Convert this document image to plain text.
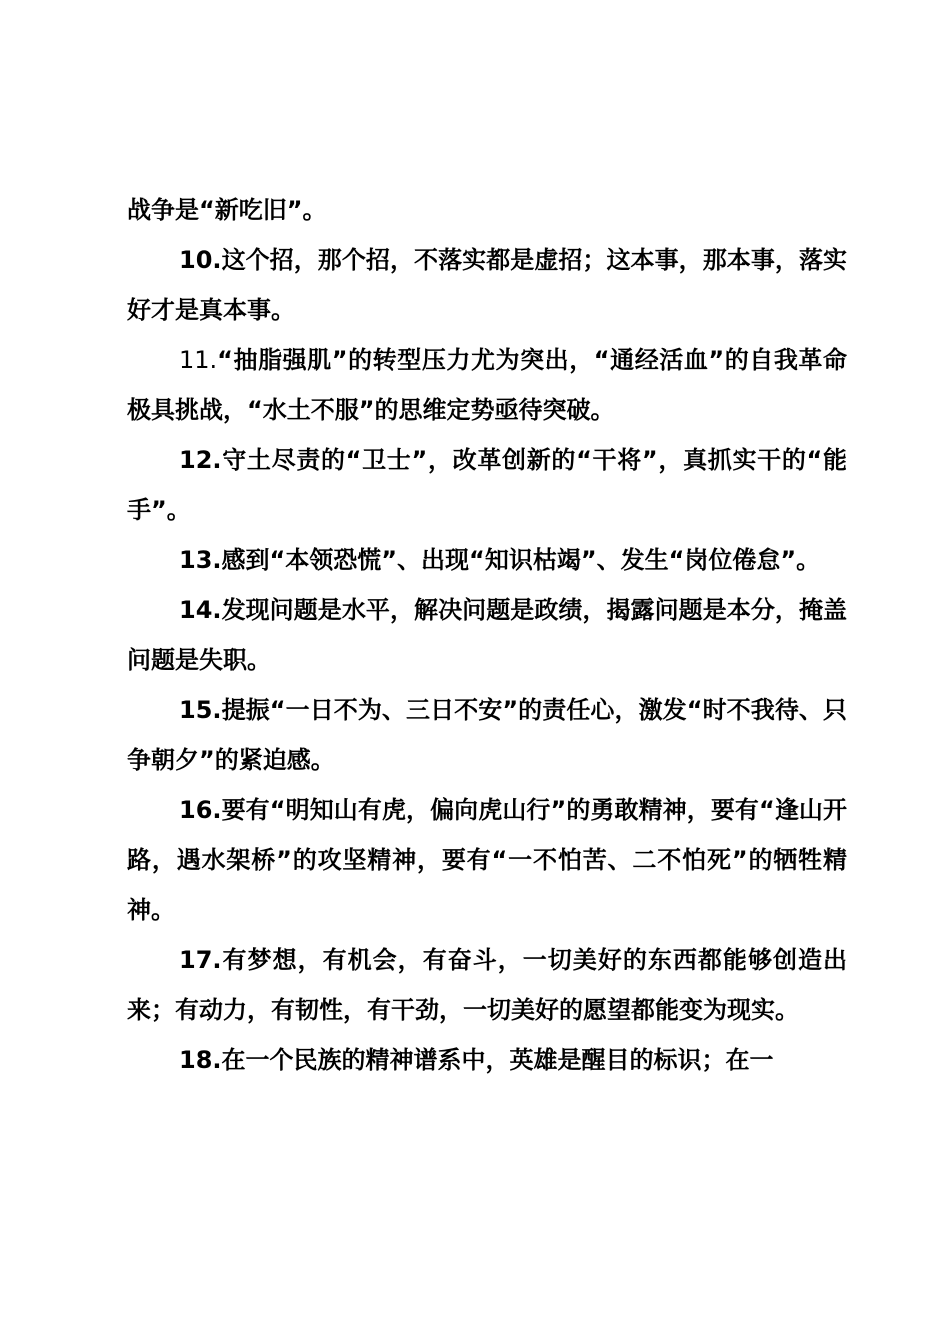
战争是“新吃旧”。

10.这个招，那个招，不落实都是虚招；这本事，那本事，落实好才是真本事。

11.“抽脂强肌”的转型压力尤为突出，“通经活血”的自我革命极具挑战，“水土不服”的思维定势亟待突破。

12.守土尽责的“卫士”，改革创新的“干将”，真抓实干的“能手”。

13.感到“本领恐慌”、出现“知识枯竭”、发生“岗位倦怠”。

14.发现问题是水平，解决问题是政绩，揭露问题是本分，掩盖问题是失职。

15.提振“一日不为、三日不安”的责任心，激发“时不我待、只争朝夕”的紧迫感。

16.要有“明知山有虎，偏向虎山行”的勇敢精神，要有“逢山开路，遇水架桥”的攻坚精神，要有“一不怕苦、二不怕死”的牺牲精神。

17.有梦想，有机会，有奋斗，一切美好的东西都能够创造出来；有动力，有韧性，有干劲，一切美好的愿望都能变为现实。

18.在一个民族的精神谱系中，英雄是醒目的标识；在一
